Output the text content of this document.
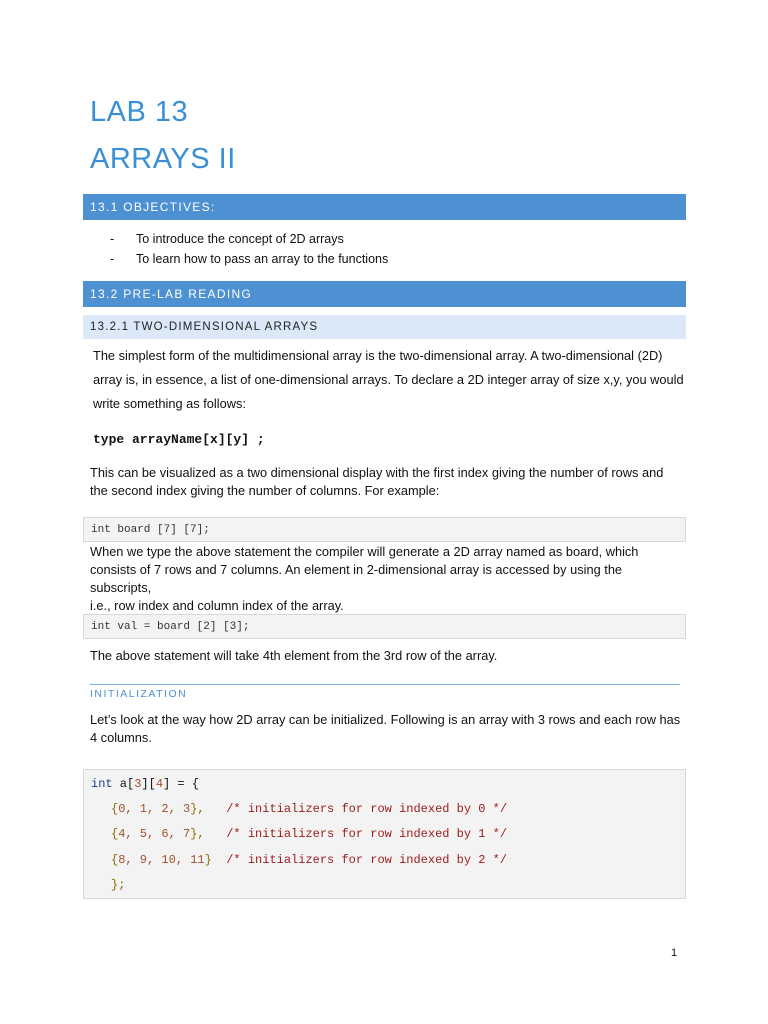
LAB 13
ARRAYS II
13.1 OBJECTIVES:
- To introduce the concept of 2D arrays
- To learn how to pass an array to the functions
13.2 PRE-LAB READING
13.2.1 TWO-DIMENSIONAL ARRAYS
The simplest form of the multidimensional array is the two-dimensional array. A two-dimensional (2D)
array is, in essence, a list of one-dimensional arrays. To declare a 2D integer array of size x,y, you would
write something as follows:
type arrayName[x][y] ;
This can be visualized as a two dimensional display with the first index giving the number of rows and
the second index giving the number of columns. For example:
int board [7] [7];
When we type the above statement the compiler will generate a 2D array named as board, which
consists of 7 rows and 7 columns. An element in 2-dimensional array is accessed by using the subscripts,
i.e., row index and column index of the array.
int val = board [2] [3];
The above statement will take 4th element from the 3rd row of the array.
INITIALIZATION
Let’s look at the way how 2D array can be initialized. Following is an array with 3 rows and each row has
4 columns.
int a[3][4] = {
{0, 1, 2, 3},   /* initializers for row indexed by 0 */
{4, 5, 6, 7},   /* initializers for row indexed by 1 */
{8, 9, 10, 11}  /* initializers for row indexed by 2 */
};
1
